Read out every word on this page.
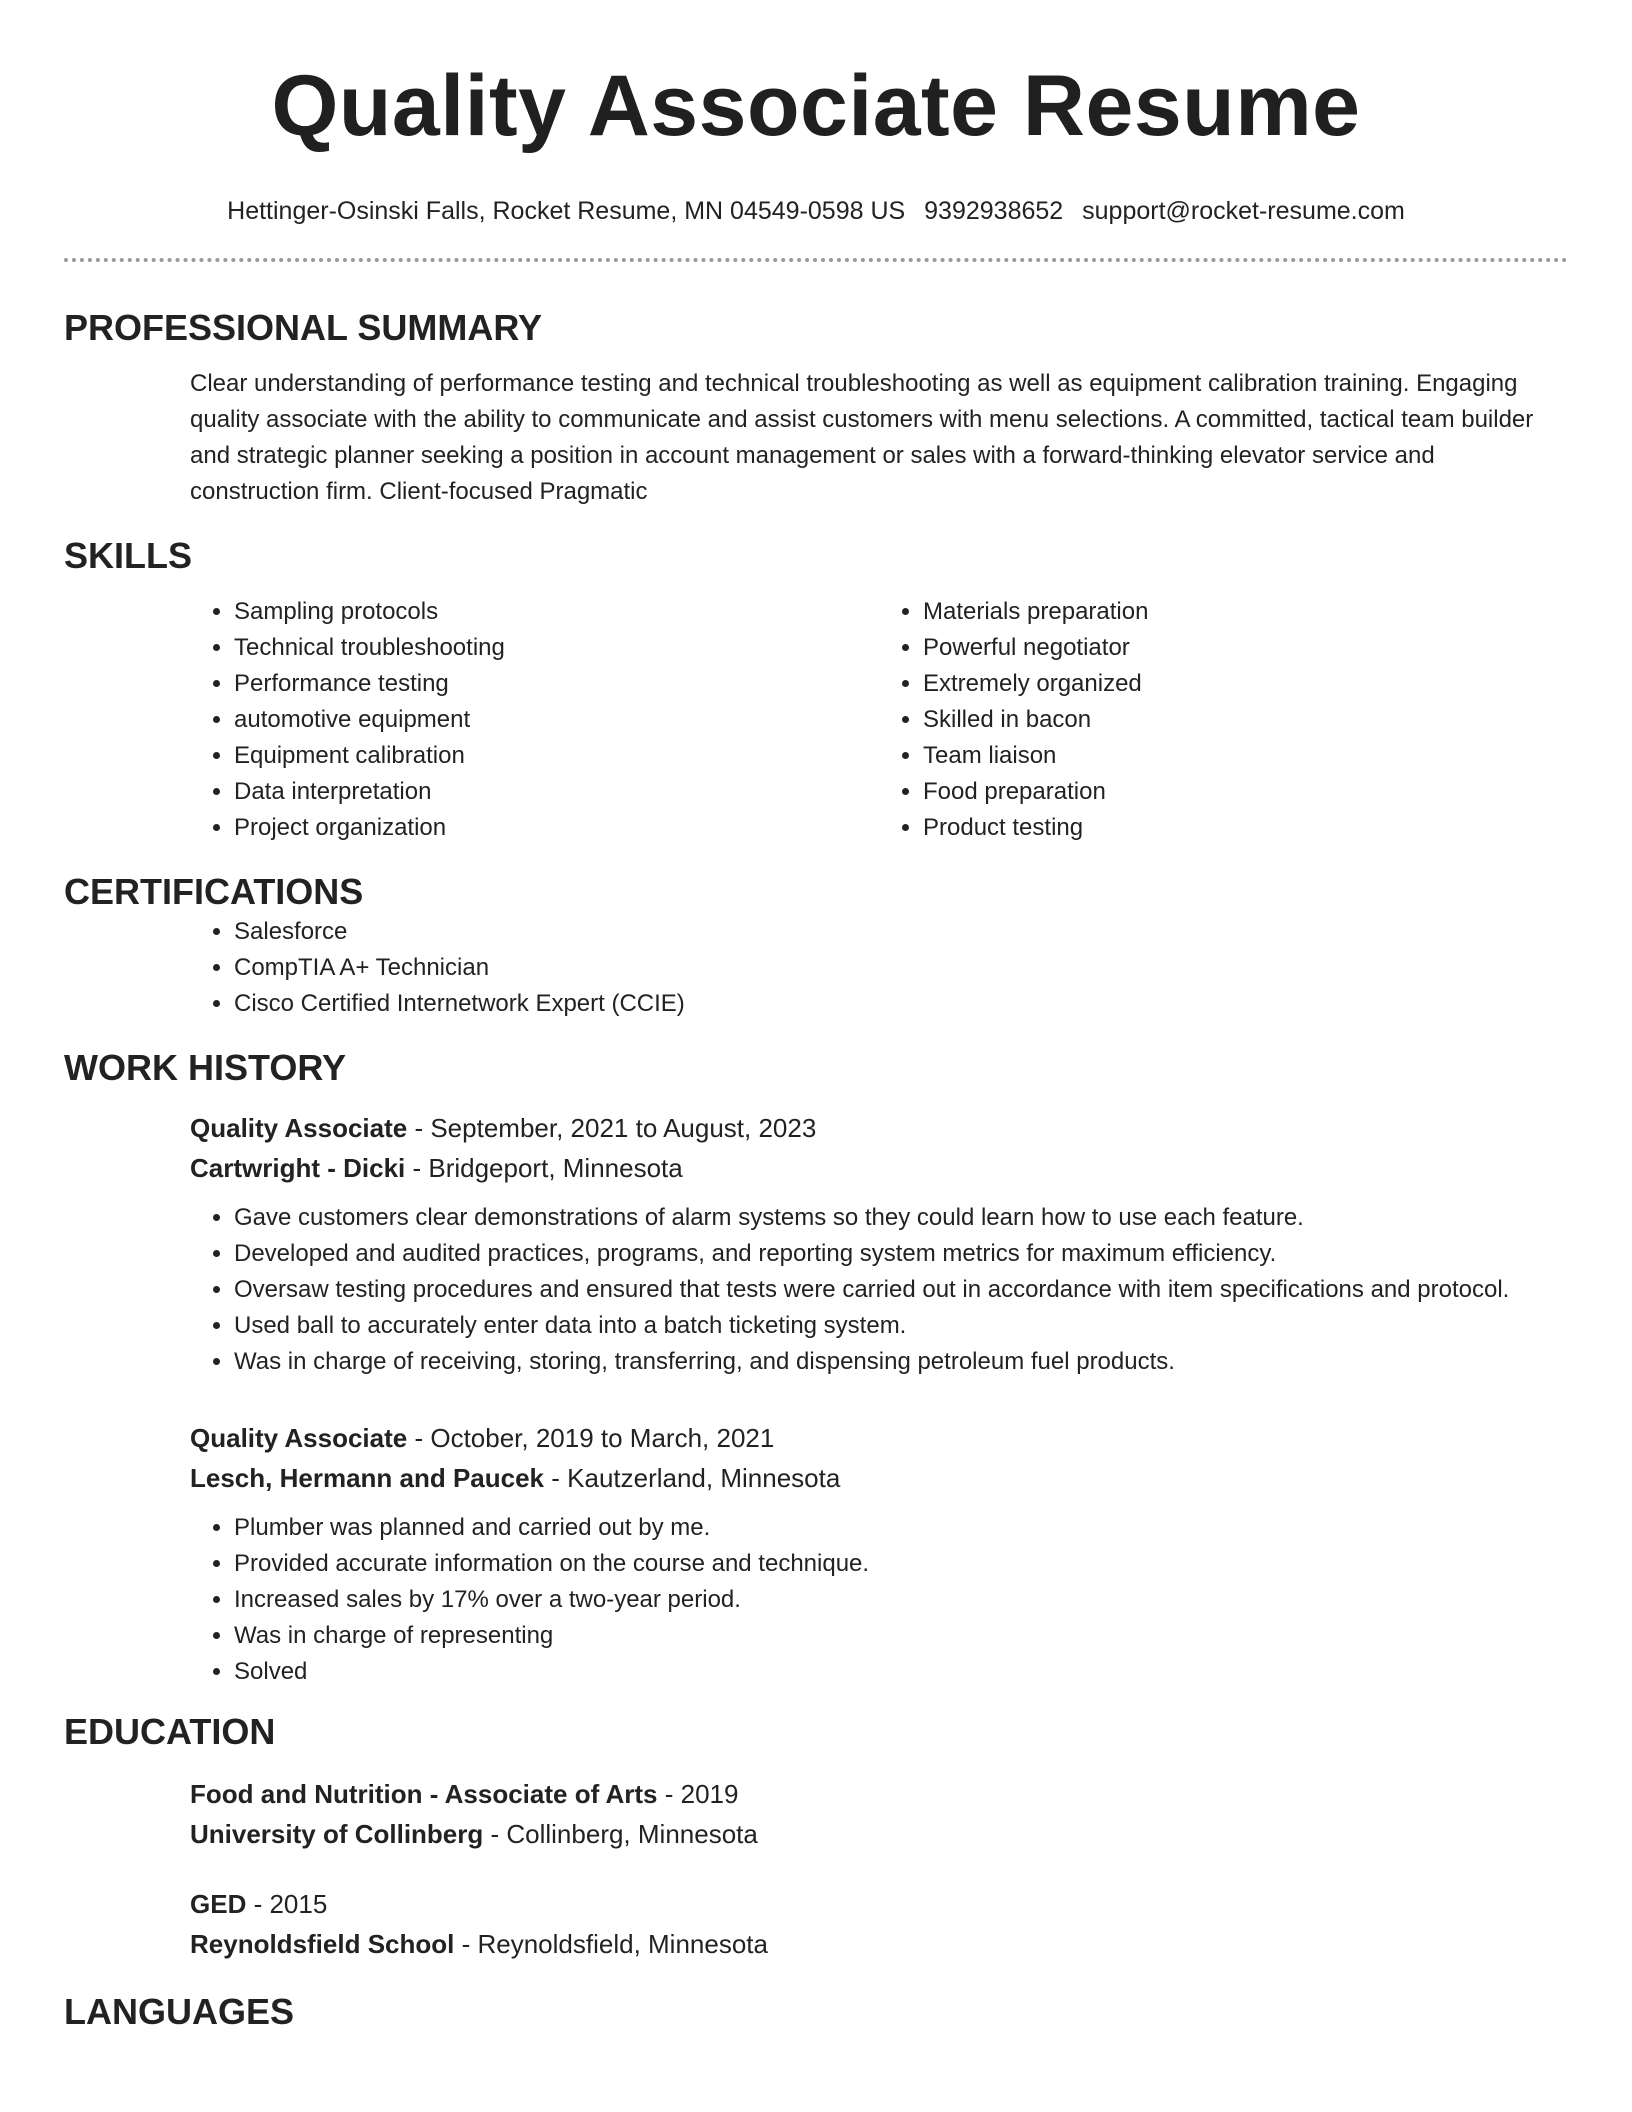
Quality Associate Resume
Hettinger-Osinski Falls, Rocket Resume, MN 04549-0598 US 9392938652 support@rocket-resume.com
PROFESSIONAL SUMMARY

Clear understanding of performance testing and technical troubleshooting as well as equipment calibration training. Engaging quality associate with the ability to communicate and assist customers with menu selections. A committed, tactical team builder and strategic planner seeking a position in account management or sales with a forward-thinking elevator service and construction firm. Client-focused Pragmatic

SKILLS
• Sampling protocols
• Technical troubleshooting
• Performance testing
• automotive equipment
• Equipment calibration
• Data interpretation
• Project organization
• Materials preparation
• Powerful negotiator
• Extremely organized
• Skilled in bacon
• Team liaison
• Food preparation
• Product testing
CERTIFICATIONS
• Salesforce
• CompTIA A+ Technician
• Cisco Certified Internetwork Expert (CCIE)
WORK HISTORY
Quality Associate - September, 2021 to August, 2023
Cartwright - Dicki - Bridgeport, Minnesota
• Gave customers clear demonstrations of alarm systems so they could learn how to use each feature.
• Developed and audited practices, programs, and reporting system metrics for maximum efficiency.
• Oversaw testing procedures and ensured that tests were carried out in accordance with item specifications and protocol.
• Used ball to accurately enter data into a batch ticketing system.
• Was in charge of receiving, storing, transferring, and dispensing petroleum fuel products.
Quality Associate - October, 2019 to March, 2021
Lesch, Hermann and Paucek - Kautzerland, Minnesota
• Plumber was planned and carried out by me.
• Provided accurate information on the course and technique.
• Increased sales by 17% over a two-year period.
• Was in charge of representing
• Solved
EDUCATION
Food and Nutrition - Associate of Arts - 2019
University of Collinberg - Collinberg, Minnesota
GED - 2015
Reynoldsfield School - Reynoldsfield, Minnesota
LANGUAGES
